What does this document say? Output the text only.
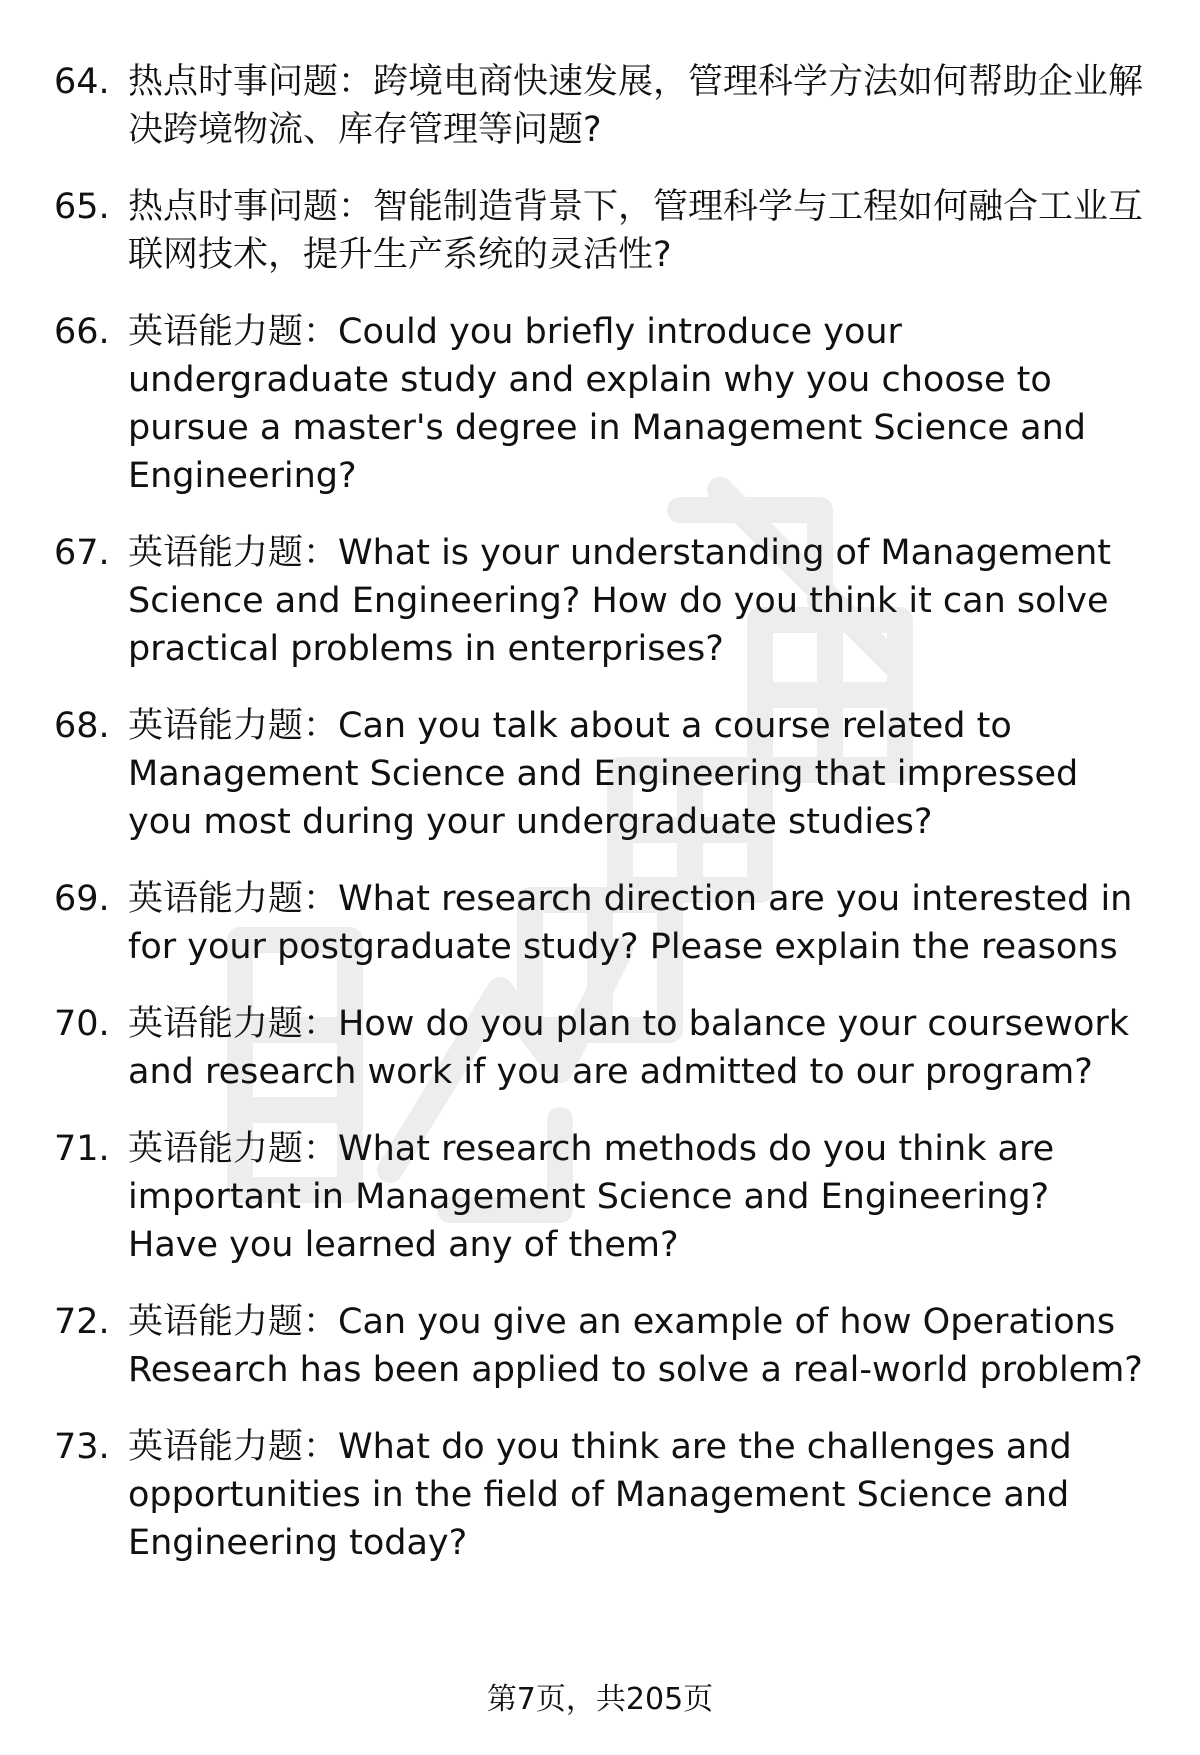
64. 热点时事问题：跨境电商快速发展，管理科学方法如何帮助企业解决跨境物流、库存管理等问题?
65. 热点时事问题：智能制造背景下，管理科学与工程如何融合工业互联网技术，提升生产系统的灵活性?
66. 英语能力题：Could you briefly introduce your undergraduate study and explain why you choose to pursue a master's degree in Management Science and Engineering?
67. 英语能力题：What is your understanding of Management Science and Engineering? How do you think it can solve practical problems in enterprises?
68. 英语能力题：Can you talk about a course related to Management Science and Engineering that impressed you most during your undergraduate studies?
69. 英语能力题：What research direction are you interested in for your postgraduate study? Please explain the reasons
70. 英语能力题：How do you plan to balance your coursework and research work if you are admitted to our program?
71. 英语能力题：What research methods do you think are important in Management Science and Engineering? Have you learned any of them?
72. 英语能力题：Can you give an example of how Operations Research has been applied to solve a real-world problem?
73. 英语能力题：What do you think are the challenges and opportunities in the field of Management Science and Engineering today?
第7页，共205页
